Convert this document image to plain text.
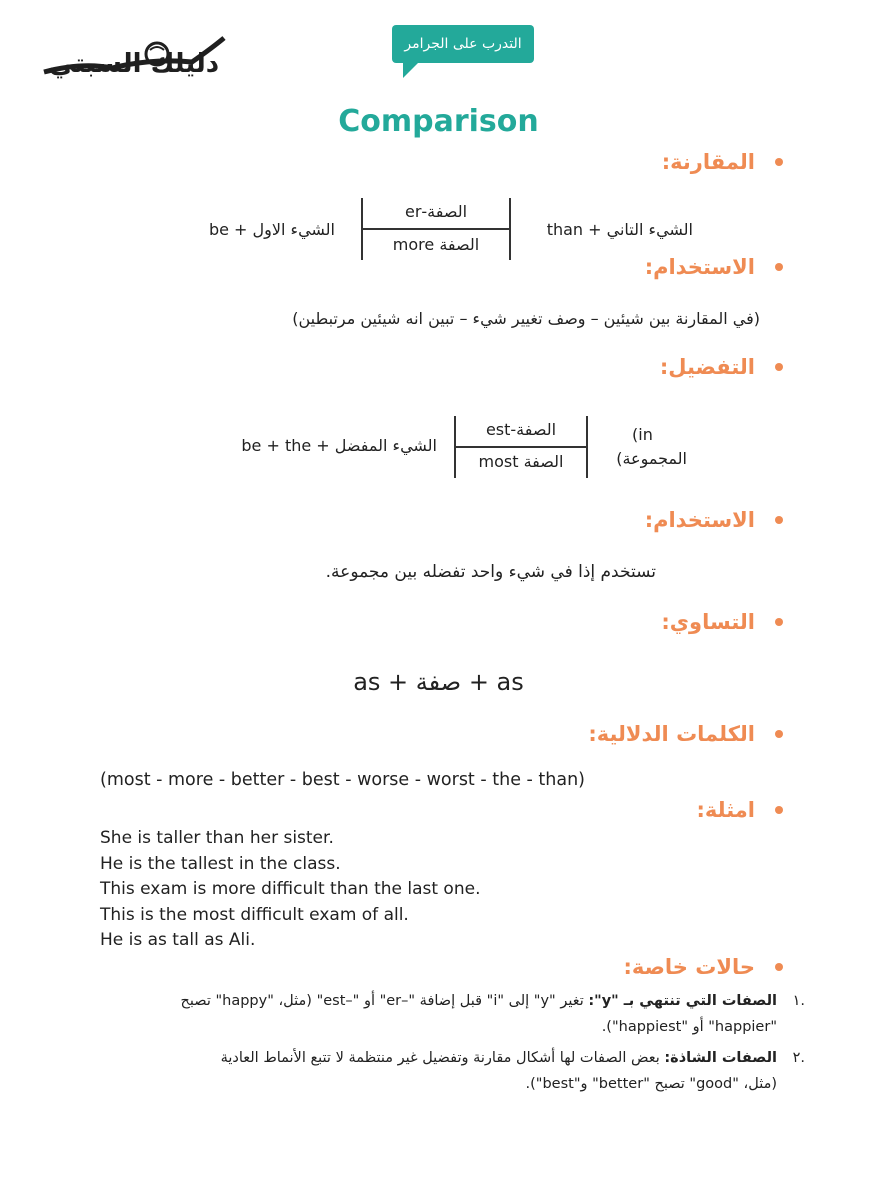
دليلك السبتي
التدرب على الجرامر
Comparison
المقارنة:
الشيء الاول + be
الصفة-er
الصفة more
الشيء التاني + than
الاستخدام:
(في المقارنة بين شيئين – وصف تغيير شيء – تبين انه شيئين مرتبطين)
التفضيل:
الشيء المفضل + be + the
الصفة-est
الصفة most
(in
المجموعة)
الاستخدام:
تستخدم إذا في شيء واحد تفضله بين مجموعة.
التساوي:
as + صفة + as
الكلمات الدلالية:
(most - more - better - best - worse - worst - the - than)
امثلة:
She is taller than her sister.
He is the tallest in the class.
This exam is more difficult than the last one.
This is the most difficult exam of all.
He is as tall as Ali.
حالات خاصة:
.١
الصفات التي تنتهي بـ "y": تغير "y" إلى "i" قبل إضافة "–er" أو "–est" (مثل، "happy" تصبح
"happier" أو "happiest").
.٢
الصفات الشاذة: بعض الصفات لها أشكال مقارنة وتفضيل غير منتظمة لا تتبع الأنماط العادية
(مثل، "good" تصبح "better" و"best").
